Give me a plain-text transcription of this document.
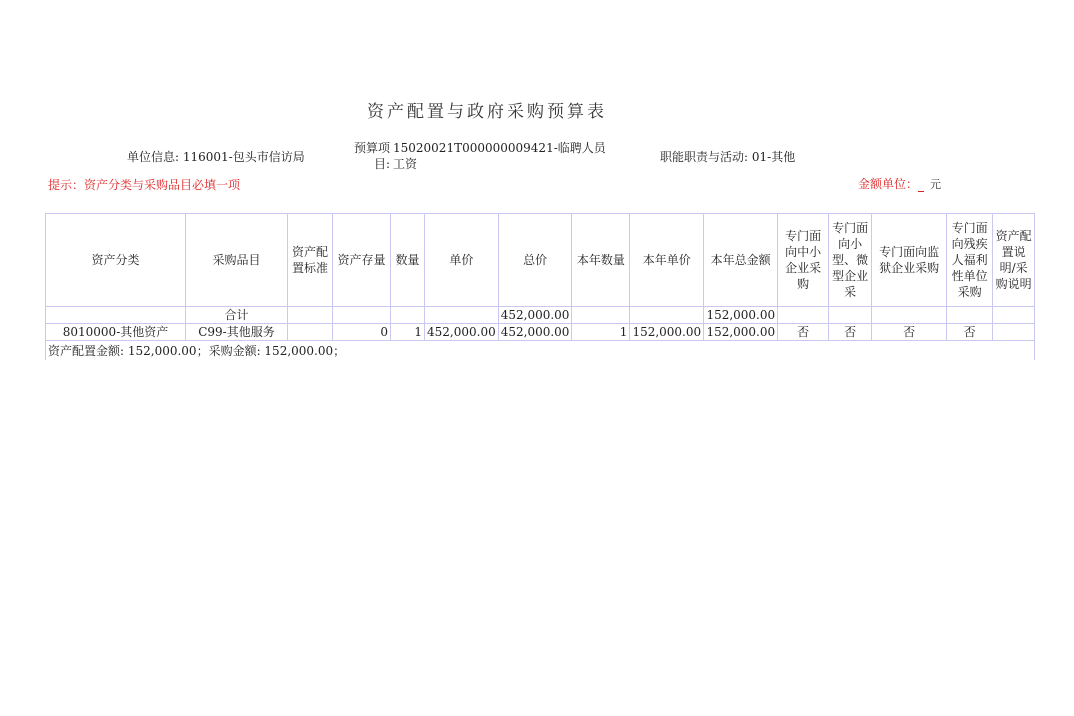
资产配置与政府采购预算表
单位信息: 116001-包头市信访局
预算项目:
15020021T000000009421-临聘人员工资	职能职责与活动: 01-其他
提示：资产分类与采购品目必填一项	金额单位： 元
资产分类	采购品目	资产配置标准	资产存量	数量	单价	总价	本年数量	本年单价	本年总金额	专门面向中小企业采购	专门面向小型、微型企业采	专门面向监狱企业采购	专门面向残疾人福利性单位采购	资产配置说明/采购说明
	合计					452,000.00			152,000.00					
8010000-其他资产	C99-其他服务		0	1	452,000.00	452,000.00	1	152,000.00	152,000.00	否	否	否	否	
资产配置金额: 152,000.00；采购金额: 152,000.00；														
